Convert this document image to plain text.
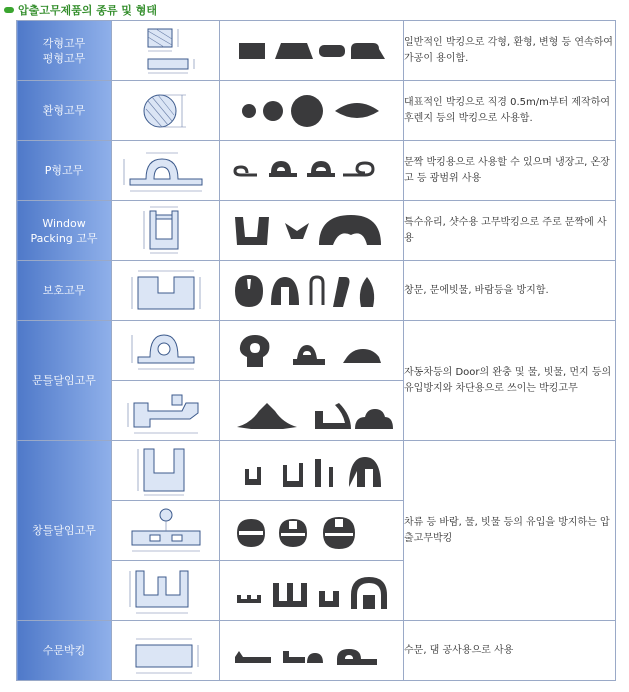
압출고무제품의 종류 및 형태
각형고무
평형고무			일반적인 박킹으로 각형, 환형, 변형 등 연속하여 가공이 용이함.
환형고무			대표적인 박킹으로 직경 0.5m/m부터 제작하여 후렌지 등의 박킹으로 사용함.
P형고무			문짝 박킹용으로 사용할 수 있으며 냉장고, 온장고 등 광범위 사용
Window
Packing 고무			특수유리, 샷수용 고무박킹으로 주로 문짝에 사용
보호고무			창문, 문에빗물, 바람등을 방지함.
문틀달임고무			자동차등의 Door의 완충 및 물, 빗물, 먼지 등의 유입방지와 차단용으로 쓰이는 박킹고무

창틀달임고무			차류 등 바람, 물, 빗물 등의 유입을 방지하는 압출고무박킹

수문박킹			수문, 댐 공사용으로 사용
